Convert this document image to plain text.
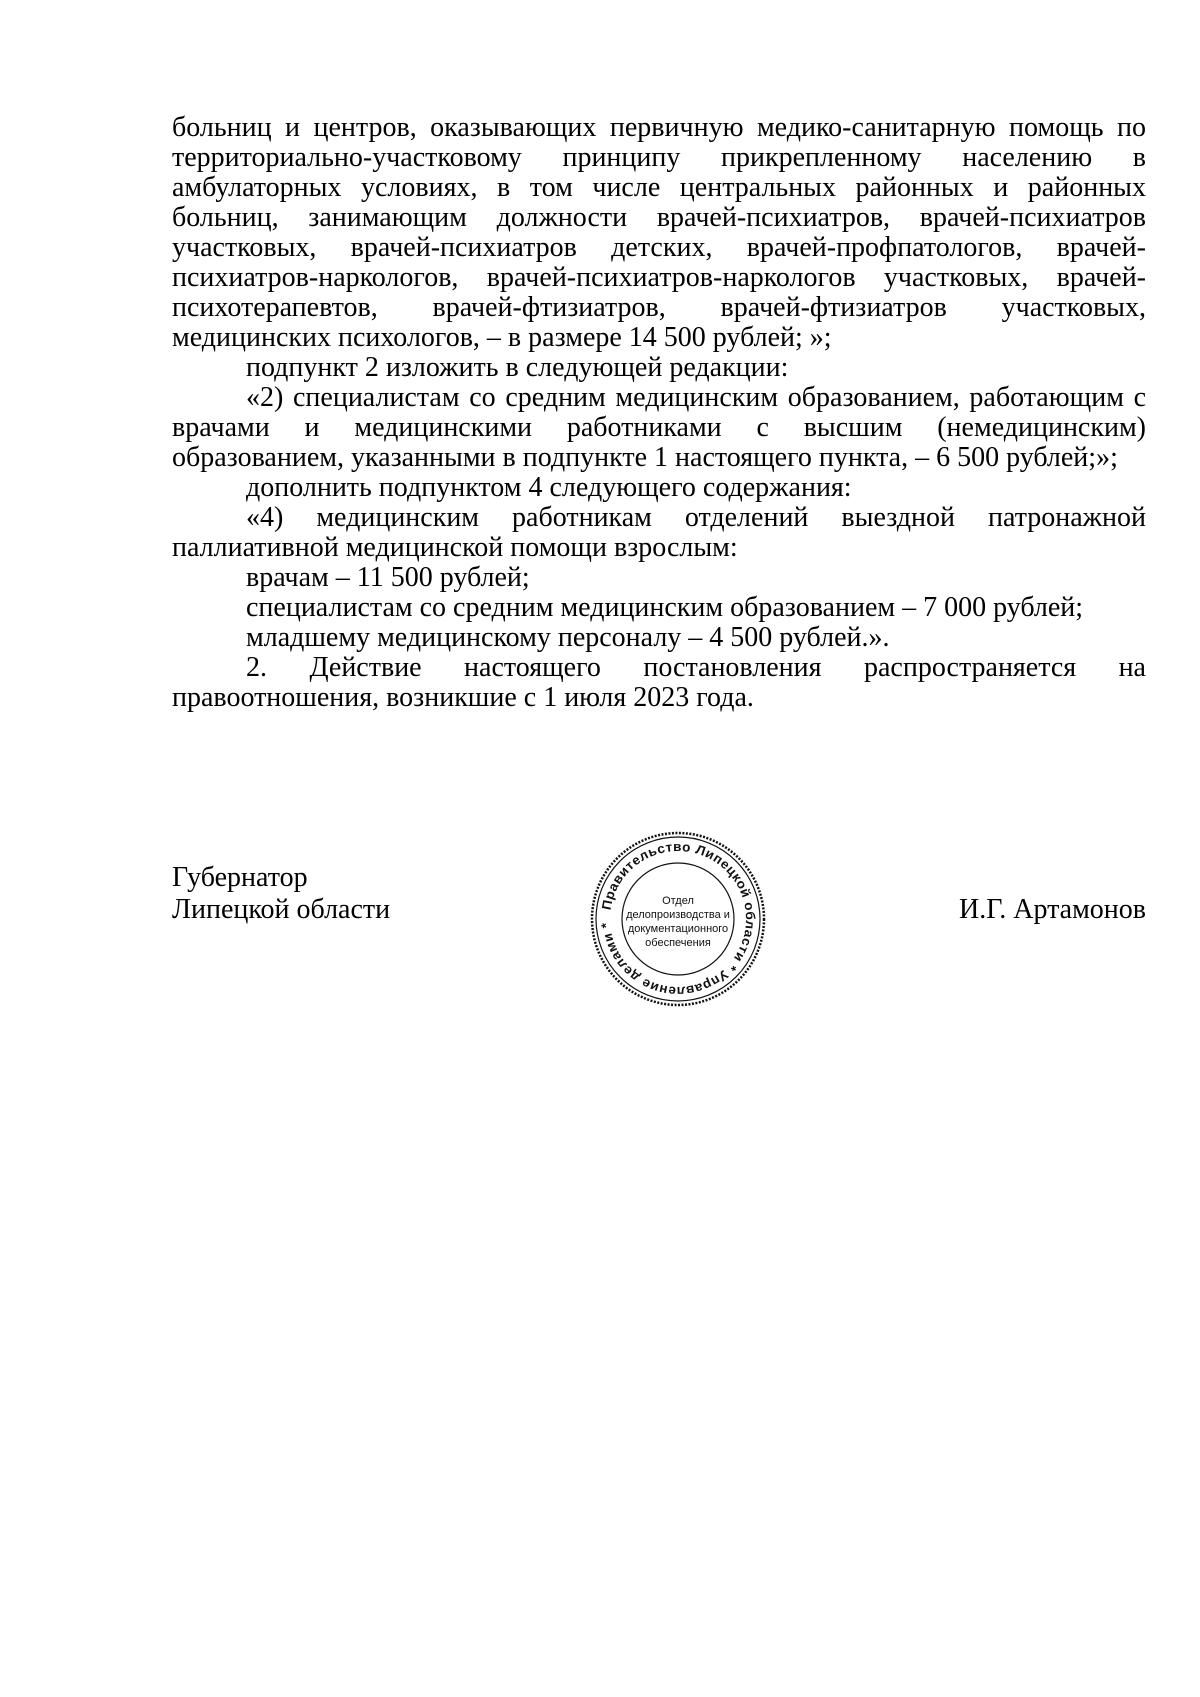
больниц и центров, оказывающих первичную медико-санитарную помощь по территориально-участковому принципу прикрепленному населению в амбулаторных условиях, в том числе центральных районных и районных больниц, занимающим должности врачей-психиатров, врачей-психиатров участковых, врачей-психиатров детских, врачей-профпатологов, врачей-психиатров-наркологов, врачей-психиатров-наркологов участковых, врачей-психотерапевтов, врачей-фтизиатров, врачей-фтизиатров участковых, медицинских психологов, – в размере 14 500 рублей; »;

подпункт 2 изложить в следующей редакции:

«2) специалистам со средним медицинским образованием, работающим с врачами и медицинскими работниками с высшим (немедицинским) образованием, указанными в подпункте 1 настоящего пункта, – 6 500 рублей;»;

дополнить подпунктом 4 следующего содержания:

«4) медицинским работникам отделений выездной патронажной паллиативной медицинской помощи взрослым:

врачам – 11 500 рублей;

специалистам со средним медицинским образованием – 7 000 рублей;

младшему медицинскому персоналу – 4 500 рублей.».

2. Действие настоящего постановления распространяется на правоотношения, возникшие с 1 июля 2023 года.

Губернатор
Липецкой области	Правительство Липецкой области * Управление делами *
Отдел
делопроизводства и
документационного
обеспечения
И.Г. Артамонов
